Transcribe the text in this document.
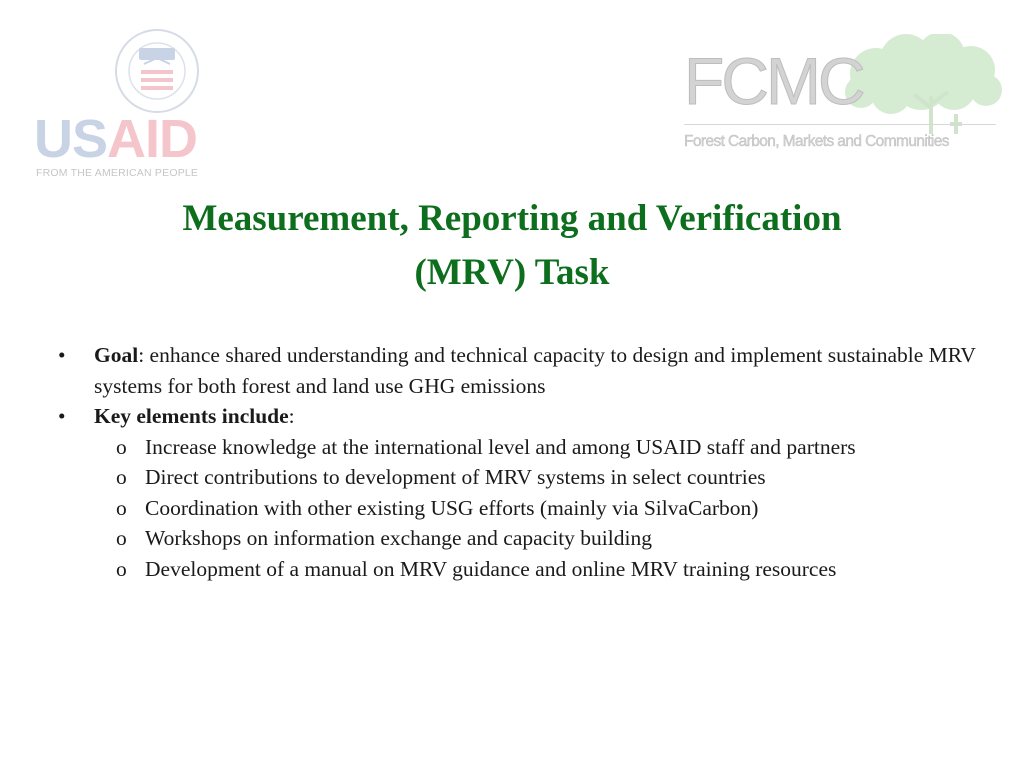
USAID
FROM THE AMERICAN PEOPLE
FCMC
Forest Carbon, Markets and Communities
Measurement, Reporting and Verification
(MRV) Task
•	Goal: enhance shared understanding and technical capacity to design and implement sustainable MRV systems for both forest and land use GHG emissions
•	Key elements include:
o Increase knowledge at the international level and among USAID staff and partners
o Direct contributions to development of MRV systems in select countries
o Coordination with other existing USG efforts (mainly via SilvaCarbon)
o Workshops on information exchange and capacity building
o Development of a manual on MRV guidance and online MRV training resources
